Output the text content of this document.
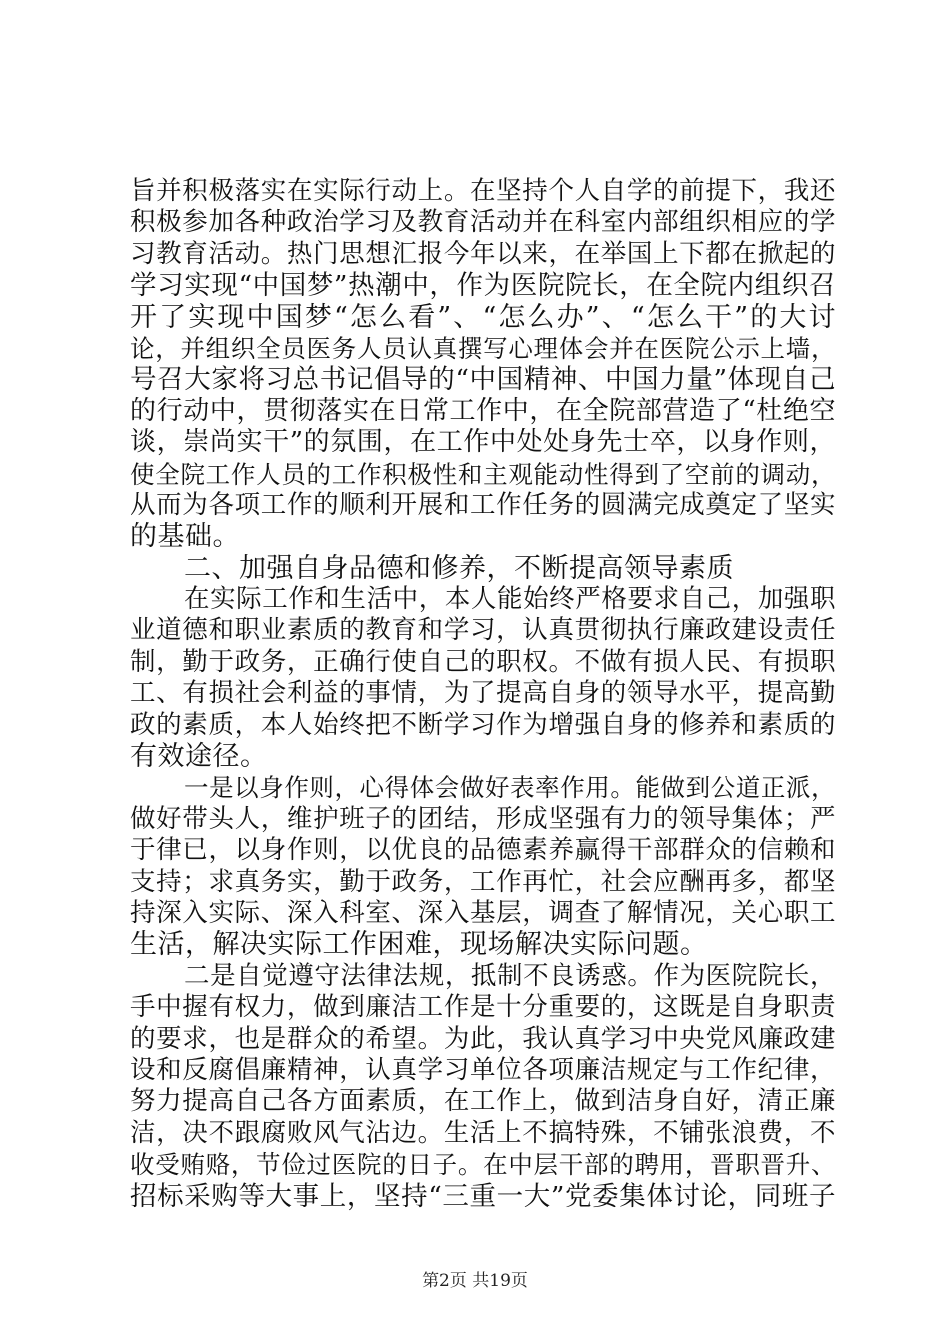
旨并积极落实在实际行动上。在坚持个人自学的前提下，我还
积极参加各种政治学习及教育活动并在科室内部组织相应的学
习教育活动。热门思想汇报今年以来，在举国上下都在掀起的
学习实现“中国梦”热潮中，作为医院院长，在全院内组织召
开了实现中国梦“怎么看”、“怎么办”、“怎么干”的大讨
论，并组织全员医务人员认真撰写心理体会并在医院公示上墙，
号召大家将习总书记倡导的“中国精神、中国力量”体现自己
的行动中，贯彻落实在日常工作中，在全院部营造了“杜绝空
谈，崇尚实干”的氛围，在工作中处处身先士卒，以身作则，
使全院工作人员的工作积极性和主观能动性得到了空前的调动，
从而为各项工作的顺利开展和工作任务的圆满完成奠定了坚实
的基础。
二、加强自身品德和修养，不断提高领导素质
在实际工作和生活中，本人能始终严格要求自己，加强职
业道德和职业素质的教育和学习，认真贯彻执行廉政建设责任
制，勤于政务，正确行使自己的职权。不做有损人民、有损职
工、有损社会利益的事情，为了提高自身的领导水平，提高勤
政的素质，本人始终把不断学习作为增强自身的修养和素质的
有效途径。
一是以身作则，心得体会做好表率作用。能做到公道正派，
做好带头人，维护班子的团结，形成坚强有力的领导集体；严
于律已，以身作则，以优良的品德素养赢得干部群众的信赖和
支持；求真务实，勤于政务，工作再忙，社会应酬再多，都坚
持深入实际、深入科室、深入基层，调查了解情况，关心职工
生活，解决实际工作困难，现场解决实际问题。
二是自觉遵守法律法规，抵制不良诱惑。作为医院院长，
手中握有权力，做到廉洁工作是十分重要的，这既是自身职责
的要求，也是群众的希望。为此，我认真学习中央党风廉政建
设和反腐倡廉精神，认真学习单位各项廉洁规定与工作纪律，
努力提高自己各方面素质，在工作上，做到洁身自好，清正廉
洁，决不跟腐败风气沾边。生活上不搞特殊，不铺张浪费，不
收受贿赂，节俭过医院的日子。在中层干部的聘用，晋职晋升、
招标采购等大事上，坚持“三重一大”党委集体讨论，同班子
第2页 共19页
